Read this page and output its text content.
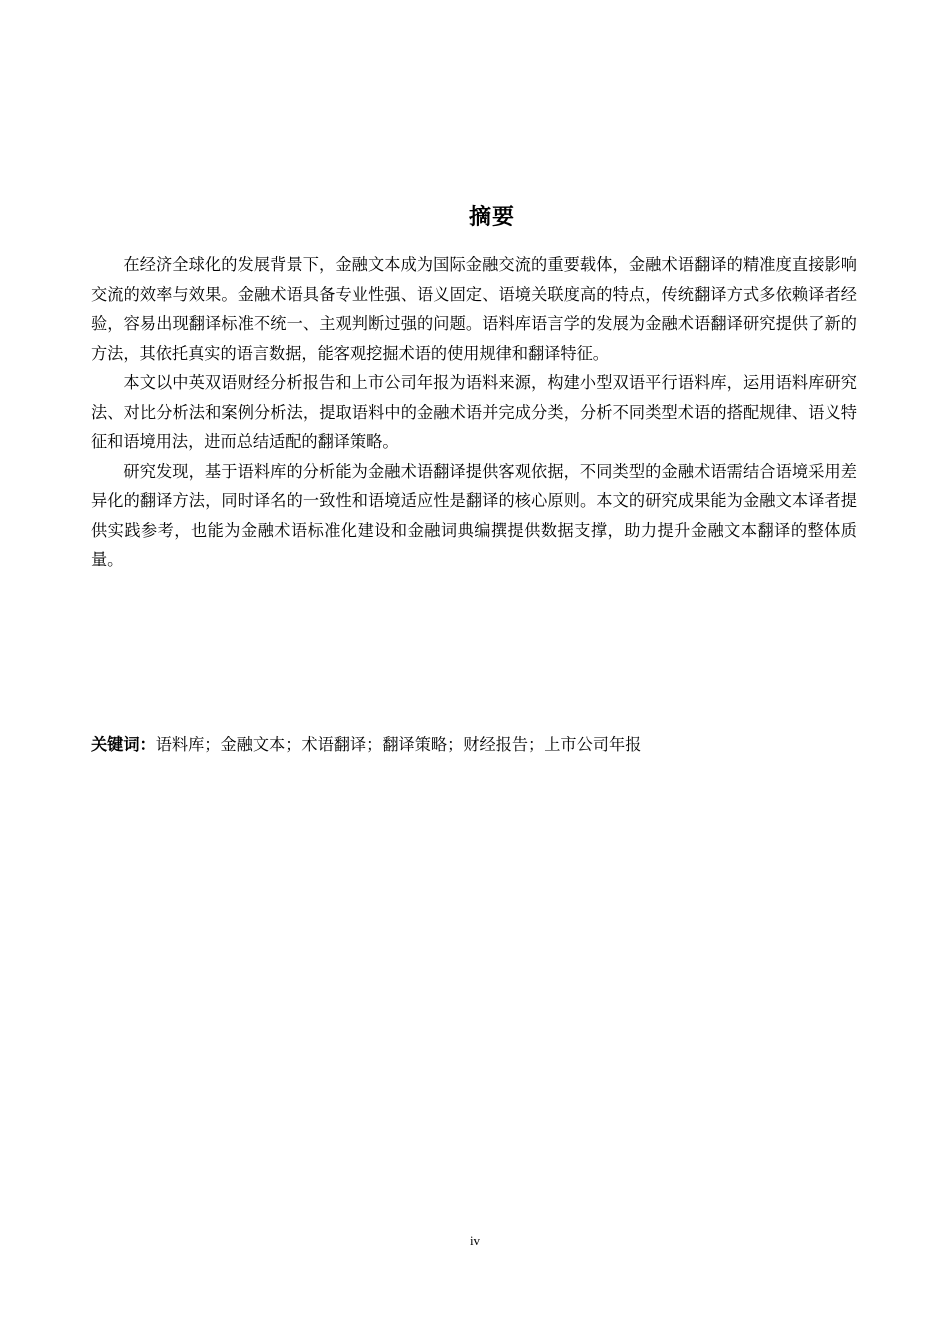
摘要

在经济全球化的发展背景下，金融文本成为国际金融交流的重要载体，金融术语翻译的精准度直接影响交流的效率与效果。金融术语具备专业性强、语义固定、语境关联度高的特点，传统翻译方式多依赖译者经验，容易出现翻译标准不统一、主观判断过强的问题。语料库语言学的发展为金融术语翻译研究提供了新的方法，其依托真实的语言数据，能客观挖掘术语的使用规律和翻译特征。

本文以中英双语财经分析报告和上市公司年报为语料来源，构建小型双语平行语料库，运用语料库研究法、对比分析法和案例分析法，提取语料中的金融术语并完成分类，分析不同类型术语的搭配规律、语义特征和语境用法，进而总结适配的翻译策略。

研究发现，基于语料库的分析能为金融术语翻译提供客观依据，不同类型的金融术语需结合语境采用差异化的翻译方法，同时译名的一致性和语境适应性是翻译的核心原则。本文的研究成果能为金融文本译者提供实践参考，也能为金融术语标准化建设和金融词典编撰提供数据支撑，助力提升金融文本翻译的整体质量。

关键词：语料库；金融文本；术语翻译；翻译策略；财经报告；上市公司年报
iv
